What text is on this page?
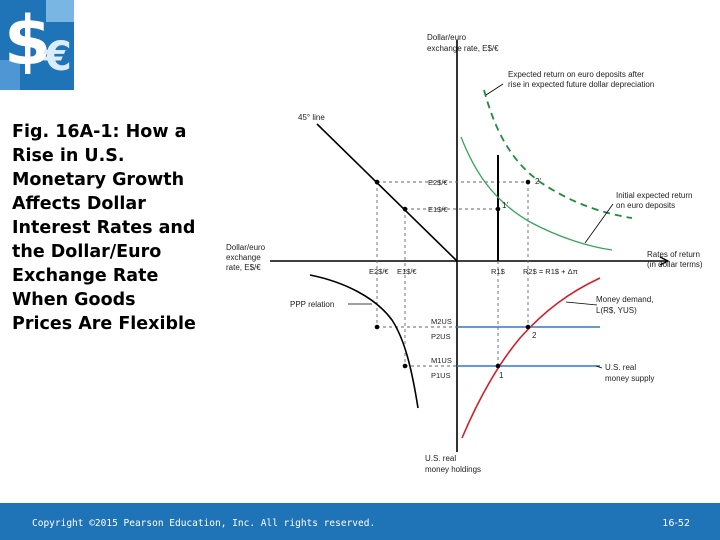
$
€
Fig. 16A-1: How a
Rise in U.S.
Monetary Growth
Affects Dollar
Interest Rates and
the Dollar/Euro
Exchange Rate
When Goods
Prices Are Flexible
Dollar/euro exchange rate, E$/€
Expected return on euro deposits after rise in expected future dollar depreciation
45° line
E2$/€
E1$/€
2'
1'
Initial expected return on euro deposits
Dollar/euro exchange rate, E$/€
Rates of return (in dollar terms)
E2$/€ E1$/€	R1$ R2$ = R1$ + Δπ
PPP relation
Money demand, L(R$, YUS)
M2US
P2US	2
M1US
P1US	1
U.S. real money supply
U.S. real money holdings
Copyright ©2015 Pearson Education, Inc. All rights reserved.	16-52
